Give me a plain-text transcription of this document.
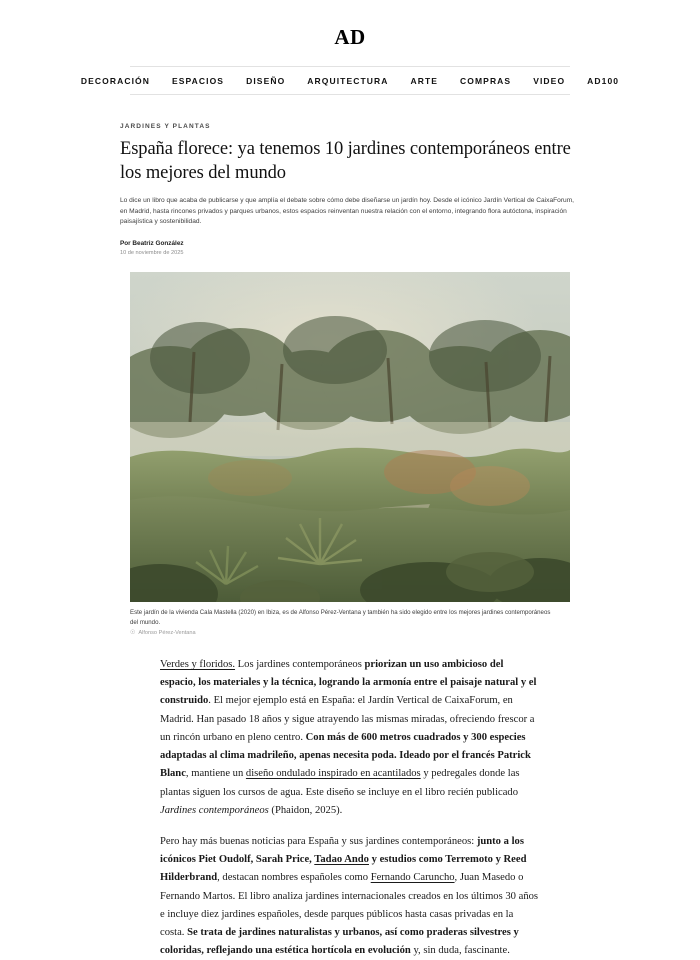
AD
DECORACIÓN	ESPACIOS	DISEÑO	ARQUITECTURA	ARTE	COMPRAS	VIDEO	AD100
JARDINES Y PLANTAS
España florece: ya tenemos 10 jardines contemporáneos entre los mejores del mundo

Lo dice un libro que acaba de publicarse y que amplía el debate sobre cómo debe diseñarse un jardín hoy. Desde el icónico Jardín Vertical de CaixaForum, en Madrid, hasta rincones privados y parques urbanos, estos espacios reinventan nuestra relación con el entorno, integrando flora autóctona, inspiración paisajística y sostenibilidad.

Por Beatriz González
10 de noviembre de 2025
Este jardín de la vivienda Cala Mastella (2020) en Ibiza, es de Alfonso Pérez-Ventana y también ha sido elegido entre los mejores jardines contemporáneos del mundo.
☉ Alfonso Pérez-Ventana

Verdes y floridos. Los jardines contemporáneos priorizan un uso ambicioso del espacio, los materiales y la técnica, logrando la armonía entre el paisaje natural y el construido. El mejor ejemplo está en España: el Jardín Vertical de CaixaForum, en Madrid. Han pasado 18 años y sigue atrayendo las mismas miradas, ofreciendo frescor a un rincón urbano en pleno centro. Con más de 600 metros cuadrados y 300 especies adaptadas al clima madrileño, apenas necesita poda. Ideado por el francés Patrick Blanc, mantiene un diseño ondulado inspirado en acantilados y pedregales donde las plantas siguen los cursos de agua. Este diseño se incluye en el libro recién publicado Jardines contemporáneos (Phaidon, 2025).

Pero hay más buenas noticias para España y sus jardines contemporáneos: junto a los icónicos Piet Oudolf, Sarah Price, Tadao Ando y estudios como Terremoto y Reed Hilderbrand, destacan nombres españoles como Fernando Caruncho, Juan Masedo o Fernando Martos. El libro analiza jardines internacionales creados en los últimos 30 años e incluye diez jardines españoles, desde parques públicos hasta casas privadas en la costa. Se trata de jardines naturalistas y urbanos, así como praderas silvestres y coloridas, reflejando una estética hortícola en evolución y, sin duda, fascinante.
